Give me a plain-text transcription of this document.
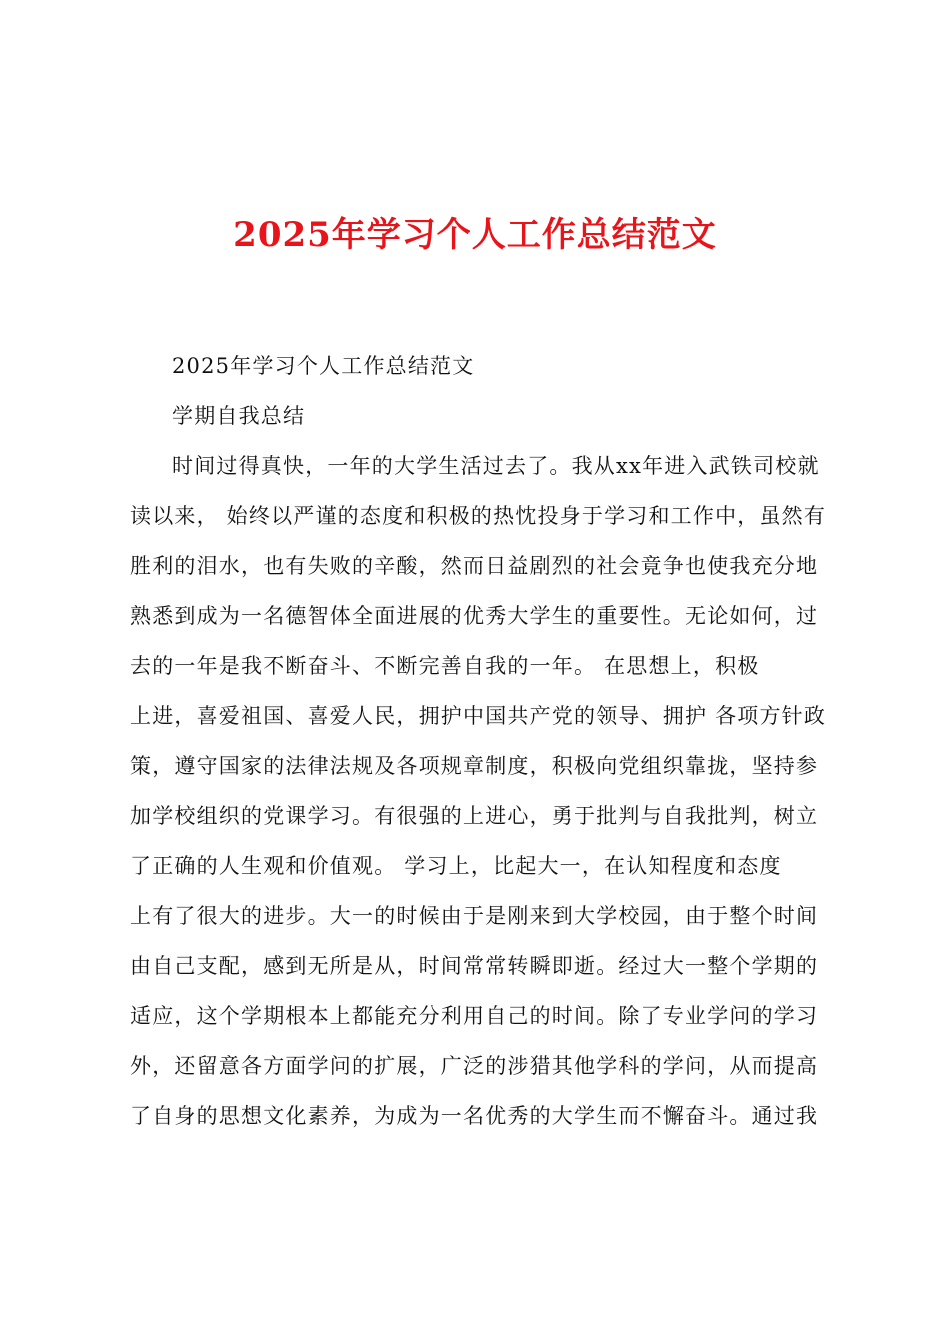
2025年学习个人工作总结范文
2025年学习个人工作总结范文
学期自我总结
时间过得真快，一年的大学生活过去了。我从xx年进入武铁司校就
读以来， 始终以严谨的态度和积极的热忱投身于学习和工作中，虽然有
胜利的泪水，也有失败的辛酸，然而日益剧烈的社会竟争也使我充分地
熟悉到成为一名德智体全面进展的优秀大学生的重要性。无论如何，过
去的一年是我不断奋斗、不断完善自我的一年。 在思想上，积极
上进，喜爱祖国、喜爱人民，拥护中国共产党的领导、拥护 各项方针政
策，遵守国家的法律法规及各项规章制度，积极向党组织靠拢，坚持参
加学校组织的党课学习。有很强的上进心，勇于批判与自我批判，树立
了正确的人生观和价值观。 学习上，比起大一，在认知程度和态度
上有了很大的进步。大一的时候由于是刚来到大学校园，由于整个时间
由自己支配，感到无所是从，时间常常转瞬即逝。经过大一整个学期的
适应，这个学期根本上都能充分利用自己的时间。除了专业学问的学习
外，还留意各方面学问的扩展，广泛的涉猎其他学科的学问，从而提高
了自身的思想文化素养，为成为一名优秀的大学生而不懈奋斗。通过我
